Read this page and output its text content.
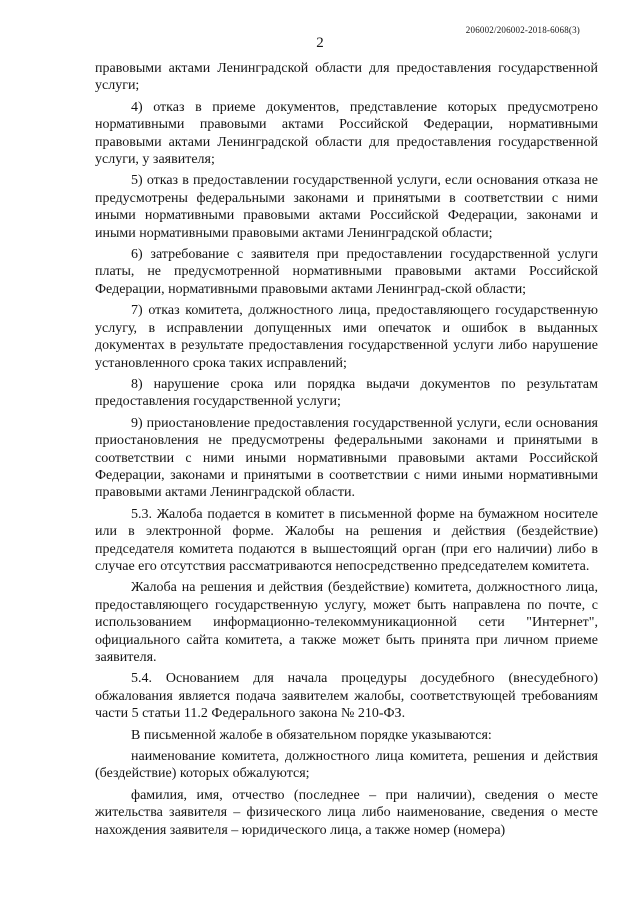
206002/206002-2018-6068(3)
2

правовыми актами Ленинградской области для предоставления государственной услуги;

4) отказ в приеме документов, представление которых предусмотрено нормативными правовыми актами Российской Федерации, нормативными правовыми актами Ленинградской области для предоставления государственной услуги, у заявителя;

5) отказ в предоставлении государственной услуги, если основания отказа не предусмотрены федеральными законами и принятыми в соответствии с ними иными нормативными правовыми актами Российской Федерации, законами и иными нормативными правовыми актами Ленинградской области;

6) затребование с заявителя при предоставлении государственной услуги платы, не предусмотренной нормативными правовыми актами Российской Федерации, нормативными правовыми актами Ленинград-ской области;

7) отказ комитета, должностного лица, предоставляющего государственную услугу, в исправлении допущенных ими опечаток и ошибок в выданных документах в результате предоставления государственной услуги либо нарушение установленного срока таких исправлений;

8) нарушение срока или порядка выдачи документов по результатам предоставления государственной услуги;

9) приостановление предоставления государственной услуги, если основания приостановления не предусмотрены федеральными законами и принятыми в соответствии с ними иными нормативными правовыми актами Российской Федерации, законами и принятыми в соответствии с ними иными нормативными правовыми актами Ленинградской области.

5.3. Жалоба подается в комитет в письменной форме на бумажном носителе или в электронной форме. Жалобы на решения и действия (бездействие) председателя комитета подаются в вышестоящий орган (при его наличии) либо в случае его отсутствия рассматриваются непосредственно председателем комитета.

Жалоба на решения и действия (бездействие) комитета, должностного лица, предоставляющего государственную услугу, может быть направлена по почте, с использованием информационно-телекоммуникационной сети "Интернет", официального сайта комитета, а также может быть принята при личном приеме заявителя.

5.4. Основанием для начала процедуры досудебного (внесудебного) обжалования является подача заявителем жалобы, соответствующей требованиям части 5 статьи 11.2 Федерального закона № 210-ФЗ.

В письменной жалобе в обязательном порядке указываются:

наименование комитета, должностного лица комитета, решения и действия (бездействие) которых обжалуются;

фамилия, имя, отчество (последнее – при наличии), сведения о месте жительства заявителя – физического лица либо наименование, сведения о месте нахождения заявителя – юридического лица, а также номер (номера)
